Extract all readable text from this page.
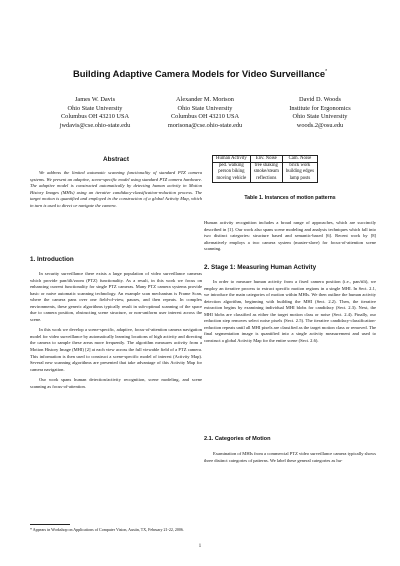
Building Adaptive Camera Models for Video Surveillance*
James W. Davis
Ohio State University
Columbus OH 43210 USA
jwdavis@cse.ohio-state.edu
Alexander M. Morison
Ohio State University
Columbus OH 43210 USA
morisona@cse.ohio-state.edu
David D. Woods
Institute for Ergonomics
Ohio State University
woods.2@osu.edu
Abstract

We address the limited automatic scanning functionality of standard PTZ camera systems. We present an adaptive, scene-specific model using standard PTZ camera hardware. The adaptive model is constructed automatically by detecting human activity in Motion History Images (MHIs) using an iterative candidacy-classification-reduction process. The target motion is quantified and employed in the construction of a global Activity Map, which in turn is used to direct or navigate the camera.

1. Introduction

In security surveillance there exists a large population of video surveillance cameras which provide pan/tilt/zoom (PTZ) functionality. As a result, in this work we focus on enhancing current functionality for single PTZ cameras. Many PTZ camera systems provide basic or naive automatic scanning technology. An example scan mechanism is Frame Scan, where the camera pans over one field-of-view, pauses, and then repeats. In complex environments, these generic algorithms typically result in sub-optimal scanning of the space due to camera position, obstructing scene structure, or non-uniform user interest across the scene.

In this work we develop a scene-specific, adaptive, focus-of-attention camera navigation model for video surveillance by automatically learning locations of high activity and directing the camera to sample these areas more frequently. The algorithm measures activity from a Motion History Image (MHI) [2] at each view across the full viewable field of a PTZ camera. This information is then used to construct a scene-specific model of interest (Activity Map). Several new scanning algorithms are presented that take advantage of this Activity Map for camera navigation.

Our work spans human detection/activity recognition, scene modeling, and scene scanning as focus-of-attention.

Human Activity	Env. Noise	Cam. Noise
ped. walking	tree shaking	brick work
person biking	smoke/steam	building edges
moving vehicle	reflections	lamp posts
Table 1. Instances of motion patterns

Human activity recognition includes a broad range of approaches, which are succinctly described in [1]. Our work also spans scene modeling and analysis techniques which fall into two distinct categories: structure based and semantic-based [6]. Recent work by [8] alternatively employs a two camera system (master-slave) for focus-of-attention scene scanning.

2. Stage 1: Measuring Human Activity

In order to measure human activity from a fixed camera position (i.e., pan/tilt), we employ an iterative process to extract specific motion regions in a single MHI. In Sect. 2.1, we introduce the main categories of motion within MHIs. We then outline the human activity detection algorithm, beginning with building the MHI (Sect. 2.2). Then, the iterative extraction begins by examining individual MHI blobs for candidacy (Sect. 2.3). Next, the MHI blobs are classified as either the target motion class or noise (Sect. 2.4). Finally, our reduction step removes select noise pixels (Sect. 2.5). The iterative candidacy-classification-reduction repeats until all MHI pixels are classified as the target motion class or removed. The final segmentation image is quantified into a single activity measurement and used to construct a global Activity Map for the entire scene (Sect. 2.6).

2.1. Categories of Motion

Examination of MHIs from a commercial PTZ video surveillance camera typically shows three distinct categories of patterns. We label these general categories as hu-

* Appears in Workshop on Applications of Computer Vision, Austin, TX, February 21-22, 2006.
1
